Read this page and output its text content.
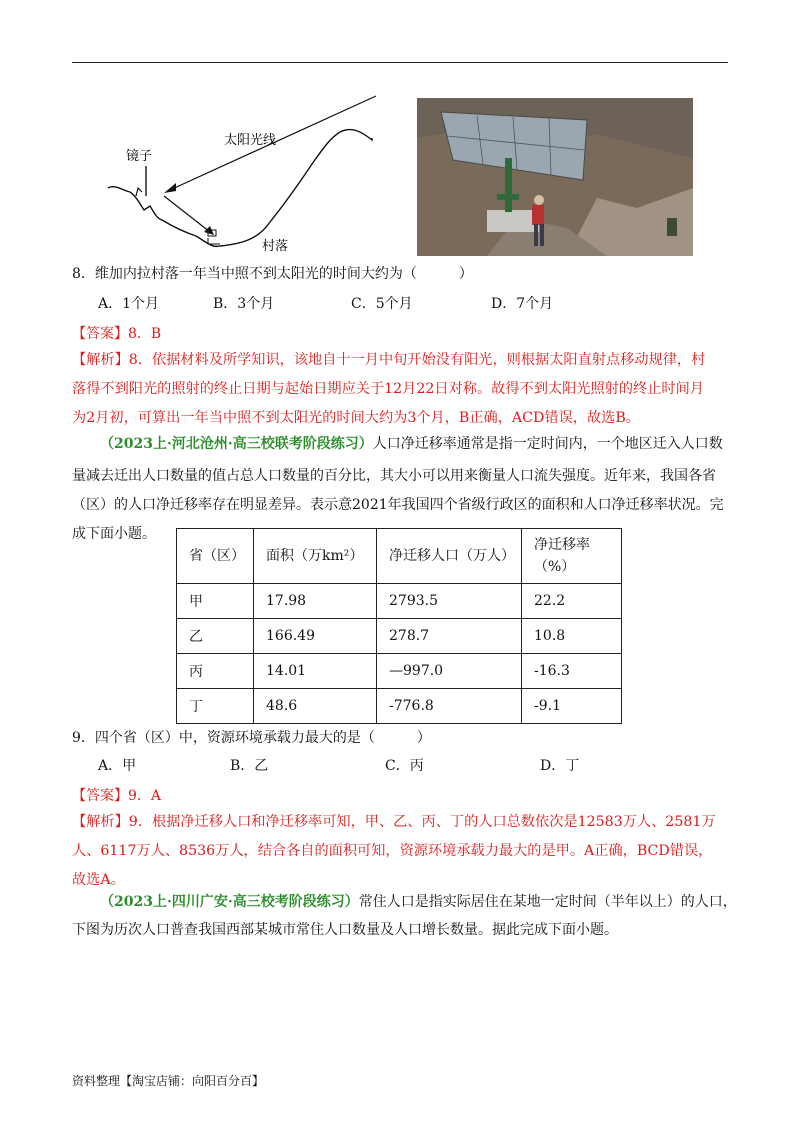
镜子
太阳光线
村落
8．维加内拉村落一年当中照不到太阳光的时间大约为（　　　）
A．1个月	B．3个月	C．5个月	D．7个月
【答案】8．B
【解析】8．依据材料及所学知识，该地自十一月中旬开始没有阳光，则根据太阳直射点移动规律，村
落得不到阳光的照射的终止日期与起始日期应关于12月22日对称。故得不到太阳光照射的终止时间月
为2月初，可算出一年当中照不到太阳光的时间大约为3个月，B正确，ACD错误，故选B。
（2023上·河北沧州·高三校联考阶段练习）人口净迁移率通常是指一定时间内，一个地区迁入人口数
量减去迁出人口数量的值占总人口数量的百分比，其大小可以用来衡量人口流失强度。近年来，我国各省
（区）的人口净迁移率存在明显差异。表示意2021年我国四个省级行政区的面积和人口净迁移率状况。完
成下面小题。
省（区）	面积（万km²）	净迁移人口（万人）	净迁移率（%）
甲	17.98	2793.5	22.2
乙	166.49	278.7	10.8
丙	14.01	—997.0	-16.3
丁	48.6	-776.8	-9.1
9．四个省（区）中，资源环境承载力最大的是（　　　）
A．甲	B．乙	C．丙	D．丁
【答案】9．A
【解析】9．根据净迁移人口和净迁移率可知，甲、乙、丙、丁的人口总数依次是12583万人、2581万
人、6117万人、8536万人，结合各自的面积可知，资源环境承载力最大的是甲。A正确，BCD错误，
故选A。
（2023上·四川广安·高三校考阶段练习）常住人口是指实际居住在某地一定时间（半年以上）的人口，
下图为历次人口普查我国西部某城市常住人口数量及人口增长数量。据此完成下面小题。
资料整理【淘宝店铺：向阳百分百】
